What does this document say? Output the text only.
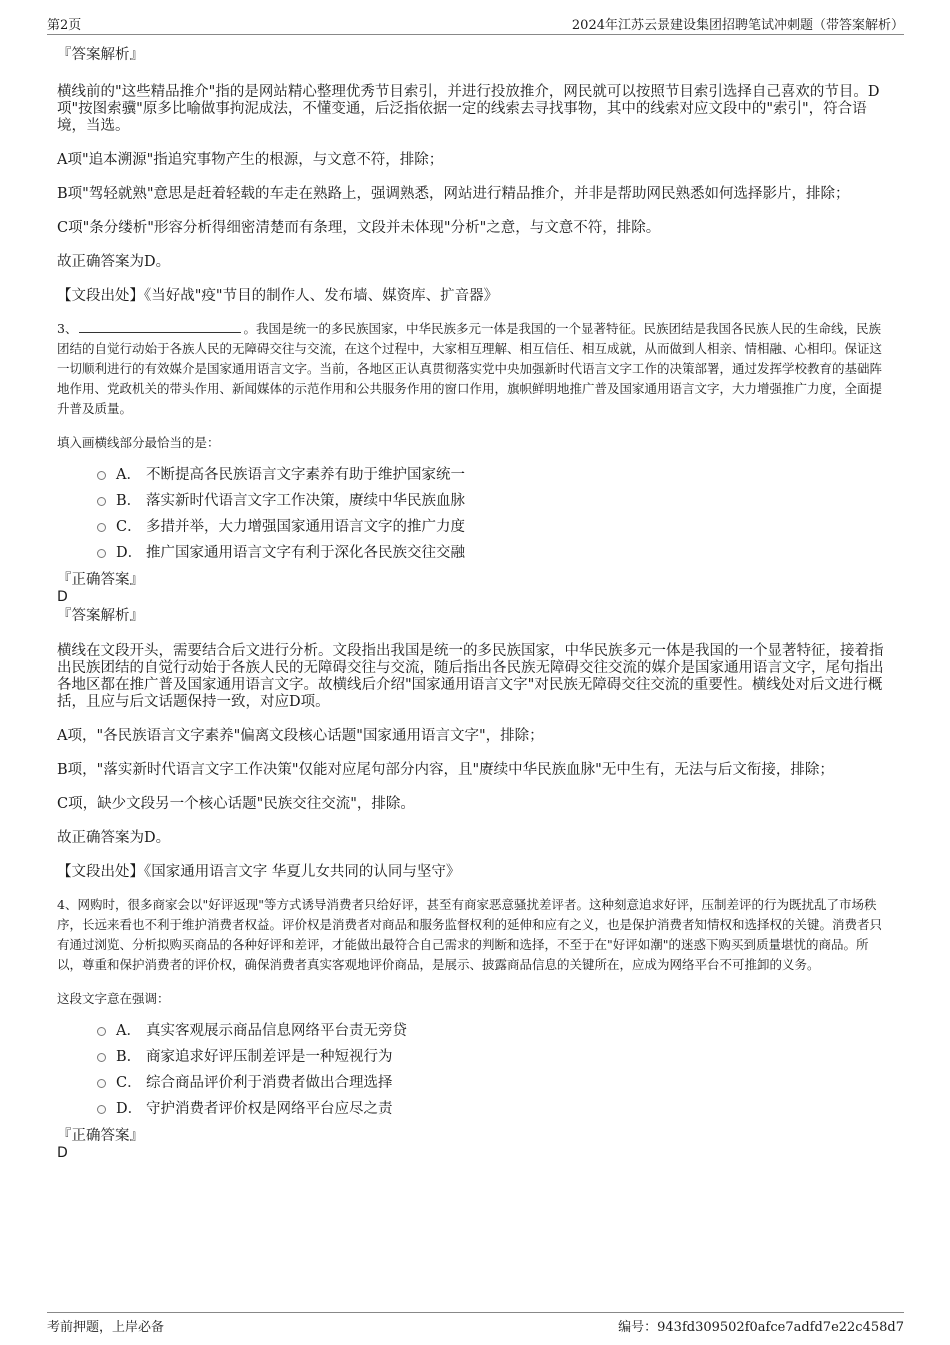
第2页	2024年江苏云景建设集团招聘笔试冲刺题（带答案解析）

『答案解析』

横线前的"这些精品推介"指的是网站精心整理优秀节目索引，并进行投放推介，网民就可以按照节目索引选择自己喜欢的节目。D项"按图索骥"原多比喻做事拘泥成法，不懂变通，后泛指依据一定的线索去寻找事物，其中的线索对应文段中的"索引"，符合语境，当选。

A项"追本溯源"指追究事物产生的根源，与文意不符，排除；

B项"驾轻就熟"意思是赶着轻载的车走在熟路上，强调熟悉，网站进行精品推介，并非是帮助网民熟悉如何选择影片，排除；

C项"条分缕析"形容分析得细密清楚而有条理，文段并未体现"分析"之意，与文意不符，排除。

故正确答案为D。

【文段出处】《当好战"疫"节目的制作人、发布墙、媒资库、扩音器》

3、	。我国是统一的多民族国家，中华民族多元一体是我国的一个显著特征。民族团结是我国各民族人民的生命线，民族团结的自觉行动始于各族人民的无障碍交往与交流，在这个过程中，大家相互理解、相互信任、相互成就，从而做到人相亲、情相融、心相印。保证这一切顺利进行的有效媒介是国家通用语言文字。当前，各地区正认真贯彻落实党中央加强新时代语言文字工作的决策部署，通过发挥学校教育的基础阵地作用、党政机关的带头作用、新闻媒体的示范作用和公共服务作用的窗口作用，旗帜鲜明地推广普及国家通用语言文字，大力增强推广力度，全面提升普及质量。

填入画横线部分最恰当的是：

A． 不断提高各民族语言文字素养有助于维护国家统一
B． 落实新时代语言文字工作决策，赓续中华民族血脉
C． 多措并举，大力增强国家通用语言文字的推广力度
D． 推广国家通用语言文字有利于深化各民族交往交融

『正确答案』

D

『答案解析』

横线在文段开头，需要结合后文进行分析。文段指出我国是统一的多民族国家，中华民族多元一体是我国的一个显著特征，接着指出民族团结的自觉行动始于各族人民的无障碍交往与交流，随后指出各民族无障碍交往交流的媒介是国家通用语言文字，尾句指出各地区都在推广普及国家通用语言文字。故横线后介绍"国家通用语言文字"对民族无障碍交往交流的重要性。横线处对后文进行概括，且应与后文话题保持一致，对应D项。

A项，"各民族语言文字素养"偏离文段核心话题"国家通用语言文字"，排除；

B项，"落实新时代语言文字工作决策"仅能对应尾句部分内容，且"赓续中华民族血脉"无中生有，无法与后文衔接，排除；

C项，缺少文段另一个核心话题"民族交往交流"，排除。

故正确答案为D。

【文段出处】《国家通用语言文字 华夏儿女共同的认同与坚守》

4、网购时，很多商家会以"好评返现"等方式诱导消费者只给好评，甚至有商家恶意骚扰差评者。这种刻意追求好评，压制差评的行为既扰乱了市场秩序，长远来看也不利于维护消费者权益。评价权是消费者对商品和服务监督权利的延伸和应有之义，也是保护消费者知情权和选择权的关键。消费者只有通过浏览、分析拟购买商品的各种好评和差评，才能做出最符合自己需求的判断和选择，不至于在"好评如潮"的迷惑下购买到质量堪忧的商品。所以，尊重和保护消费者的评价权，确保消费者真实客观地评价商品，是展示、披露商品信息的关键所在，应成为网络平台不可推卸的义务。

这段文字意在强调：

A． 真实客观展示商品信息网络平台责无旁贷
B． 商家追求好评压制差评是一种短视行为
C． 综合商品评价利于消费者做出合理选择
D． 守护消费者评价权是网络平台应尽之责

『正确答案』

D

考前押题，上岸必备	编号：943fd309502f0afce7adfd7e22c458d7
